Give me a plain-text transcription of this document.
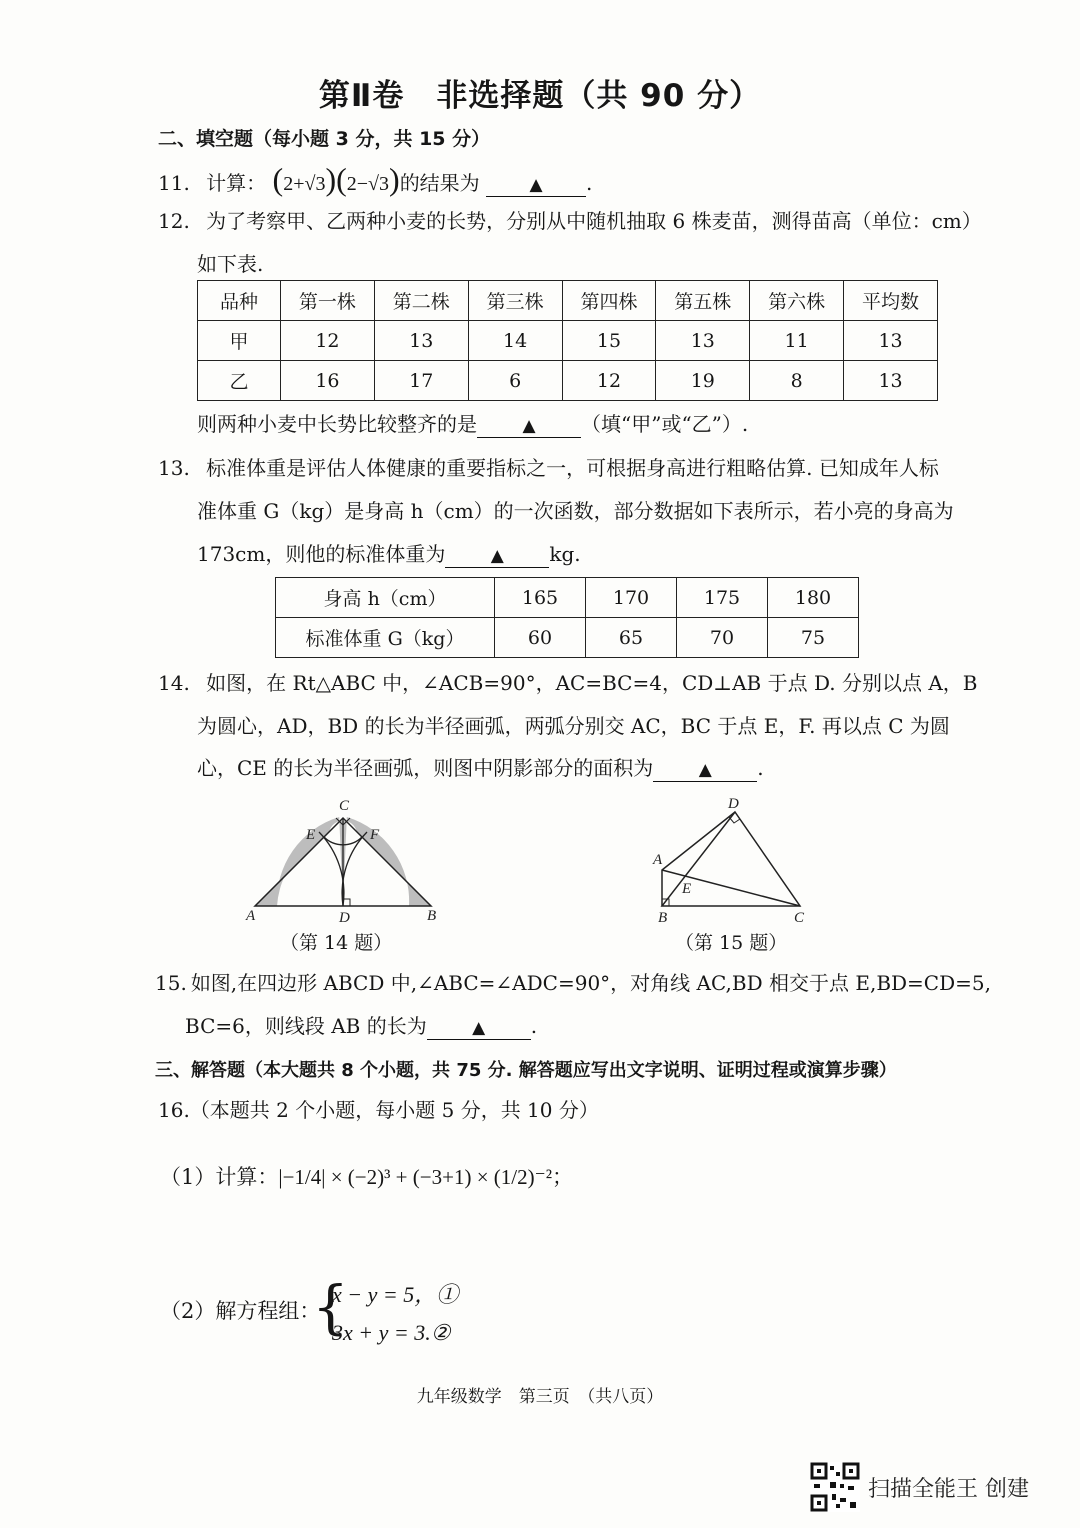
第Ⅱ卷　非选择题（共 90 分）
二、填空题（每小题 3 分，共 15 分）
11. 计算： (2+√3)(2−√3)的结果为	▲ .
12. 为了考察甲、乙两种小麦的长势，分别从中随机抽取 6 株麦苗，测得苗高（单位：cm）
如下表.
品种	第一株	第二株	第三株	第四株	第五株	第六株	平均数
甲	12	13	14	15	13	11	13
乙	16	17	6	12	19	8	13
则两种小麦中长势比较整齐的是	▲ （填“甲”或“乙”）.
13. 标准体重是评估人体健康的重要指标之一，可根据身高进行粗略估算. 已知成年人标
准体重 G（kg）是身高 h（cm）的一次函数，部分数据如下表所示，若小亮的身高为
173cm，则他的标准体重为	▲ kg.
身高 h（cm）	165	170	175	180
标准体重 G（kg）	60	65	70	75
14. 如图，在 Rt△ABC 中，∠ACB=90°，AC=BC=4，CD⊥AB 于点 D. 分别以点 A，B
为圆心，AD，BD 的长为半径画弧，两弧分别交 AC，BC 于点 E，F. 再以点 C 为圆
心，CE 的长为半径画弧，则图中阴影部分的面积为	▲ .
C
E	F
A	D	B
（第 14 题）
D
A
E
B	C
（第 15 题）
15. 如图,在四边形 ABCD 中,∠ABC=∠ADC=90°，对角线 AC,BD 相交于点 E,BD=CD=5,
BC=6，则线段 AB 的长为	▲ .
三、解答题（本大题共 8 个小题，共 75 分. 解答题应写出文字说明、证明过程或演算步骤）
16.（本题共 2 个小题，每小题 5 分，共 10 分）
（1）计算：|−1/4| × (−2)³ + (−3+1) × (1/2)⁻²；
（2）解方程组：
{
x − y = 5，①
3x + y = 3.②
九年级数学　第三页　（共八页）
扫描全能王 创建
